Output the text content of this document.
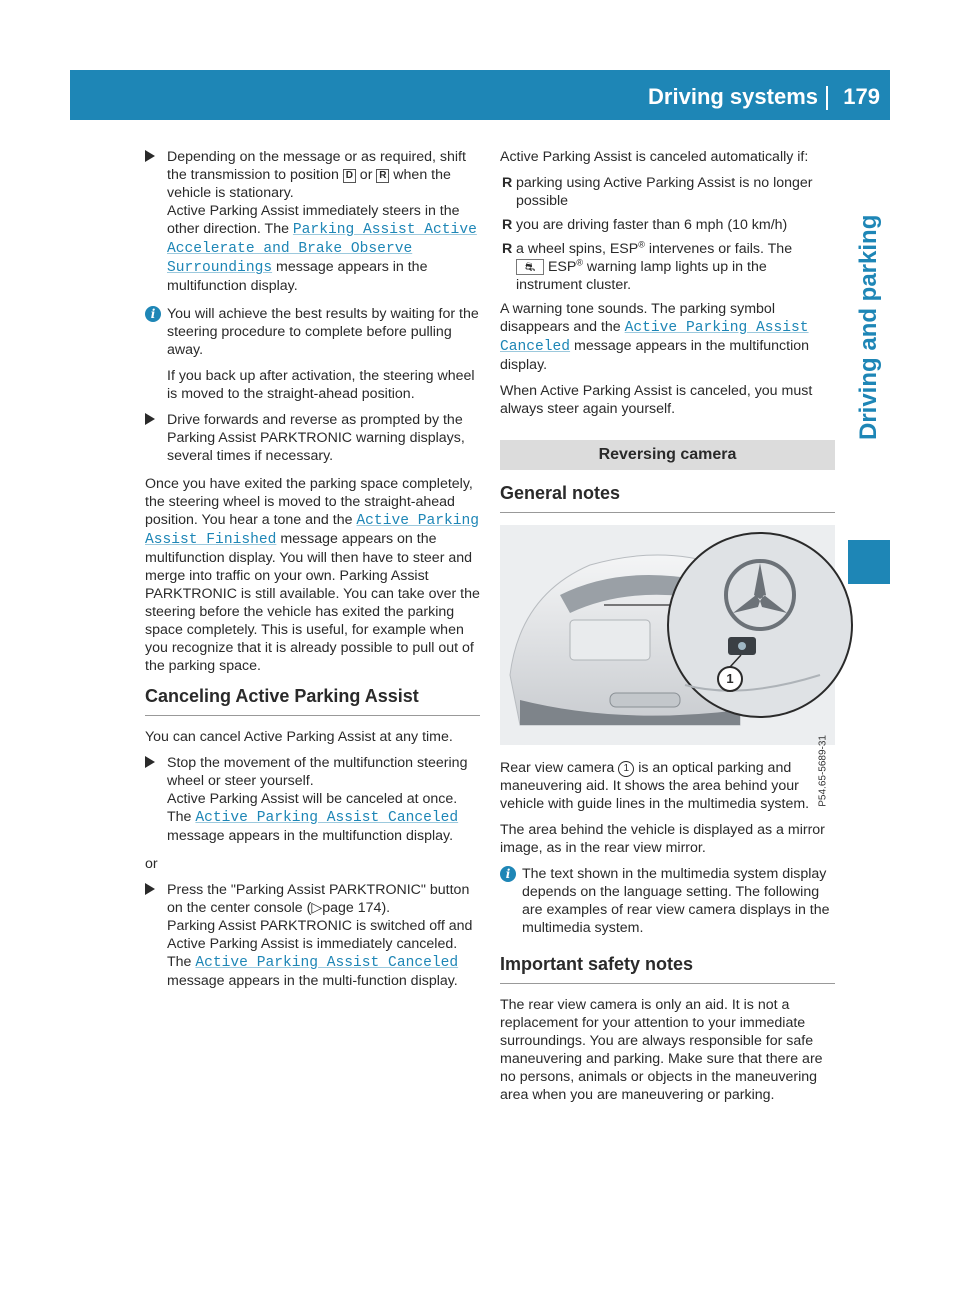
Driving systems 179
Driving and parking
Depending on the message or as required, shift the transmission to position D or R when the vehicle is stationary.
Active Parking Assist immediately steers in the other direction. The Parking Assist Active Accelerate and Brake Observe Surroundings message appears in the multifunction display.
i You will achieve the best results by waiting for the steering procedure to complete before pulling away.
If you back up after activation, the steering wheel is moved to the straight-ahead position.
Drive forwards and reverse as prompted by the Parking Assist PARKTRONIC warning displays, several times if necessary.

Once you have exited the parking space completely, the steering wheel is moved to the straight-ahead position. You hear a tone and the Active Parking Assist Finished message appears on the multifunction display. You will then have to steer and merge into traffic on your own. Parking Assist PARKTRONIC is still available. You can take over the steering before the vehicle has exited the parking space completely. This is useful, for example when you recognize that it is already possible to pull out of the parking space.

Canceling Active Parking Assist

You can cancel Active Parking Assist at any time.

Stop the movement of the multifunction steering wheel or steer yourself.
Active Parking Assist will be canceled at once. The Active Parking Assist Canceled message appears in the multifunction display.

or

Press the "Parking Assist PARKTRONIC" button on the center console (▷page 174).
Parking Assist PARKTRONIC is switched off and Active Parking Assist is immediately canceled. The Active Parking Assist Canceled message appears in the multi-function display.

Active Parking Assist is canceled automatically if:

R parking using Active Parking Assist is no longer possible
R you are driving faster than 6 mph (10 km/h)
R a wheel spins, ESP® intervenes or fails. The
⛐ ESP® warning lamp lights up in the instrument cluster.

A warning tone sounds. The parking symbol disappears and the Active Parking Assist Canceled message appears in the multifunction display.

When Active Parking Assist is canceled, you must always steer again yourself.

Reversing camera
General notes
1
P54.65-5689-31

Rear view camera 1 is an optical parking and maneuvering aid. It shows the area behind your vehicle with guide lines in the multimedia system.

The area behind the vehicle is displayed as a mirror image, as in the rear view mirror.

i The text shown in the multimedia system display depends on the language setting. The following are examples of rear view camera displays in the multimedia system.
Important safety notes

The rear view camera is only an aid. It is not a replacement for your attention to your immediate surroundings. You are always responsible for safe maneuvering and parking. Make sure that there are no persons, animals or objects in the maneuvering area when you are maneuvering or parking.
